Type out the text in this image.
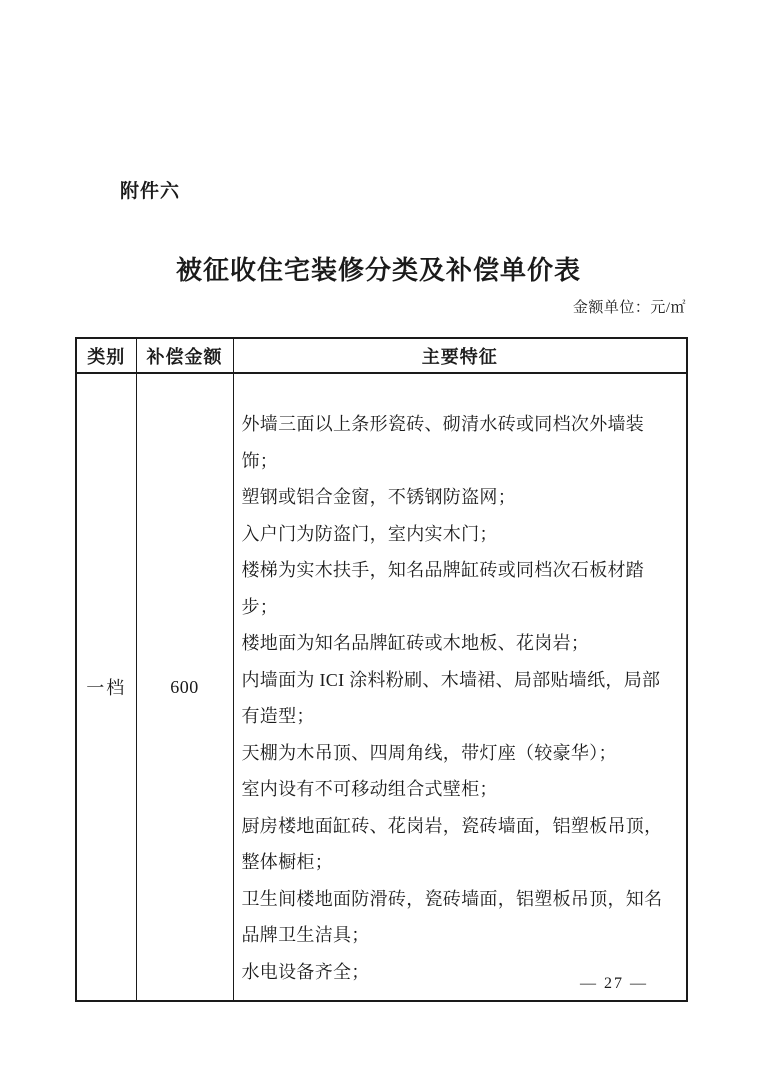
附件六
被征收住宅装修分类及补偿单价表
金额单位：元/㎡
类别	补偿金额	主要特征
一档	600	

外墙三面以上条形瓷砖、砌清水砖或同档次外墙装饰；

塑钢或铝合金窗，不锈钢防盗网；

入户门为防盗门，室内实木门；

楼梯为实木扶手，知名品牌缸砖或同档次石板材踏步；

楼地面为知名品牌缸砖或木地板、花岗岩；

内墙面为 ICI 涂料粉刷、木墙裙、局部贴墙纸，局部有造型；

天棚为木吊顶、四周角线，带灯座（较豪华）；

室内设有不可移动组合式壁柜；

厨房楼地面缸砖、花岗岩，瓷砖墙面，铝塑板吊顶，整体橱柜；

卫生间楼地面防滑砖，瓷砖墙面，铝塑板吊顶，知名品牌卫生洁具；

水电设备齐全；

— 27 —
